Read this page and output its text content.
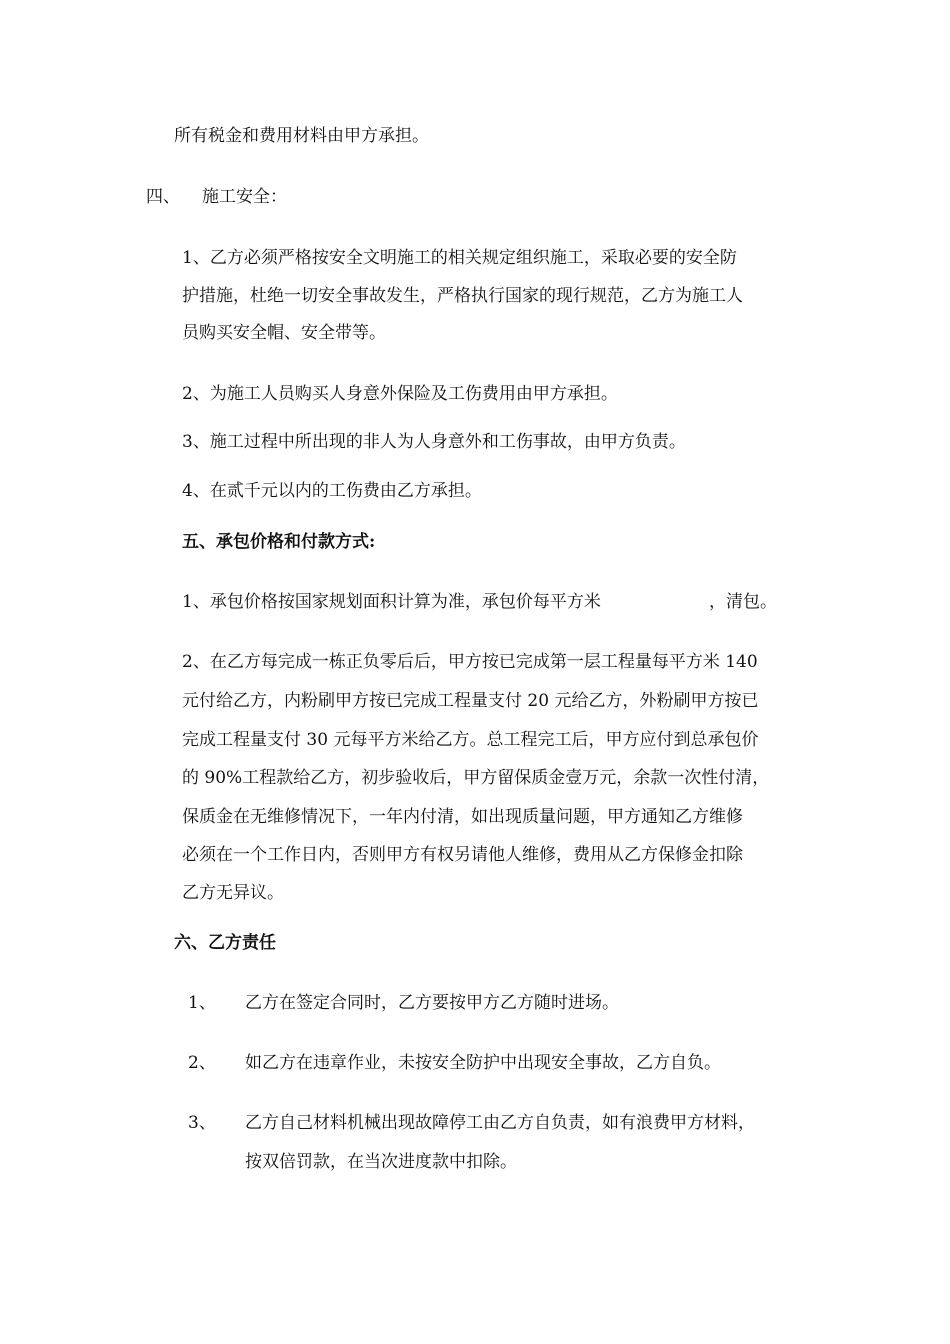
所有税金和费用材料由甲方承担。
四、 施工安全：
1、乙方必须严格按安全文明施工的相关规定组织施工，采取必要的安全防
护措施，杜绝一切安全事故发生，严格执行国家的现行规范，乙方为施工人
员购买安全帽、安全带等。
2、为施工人员购买人身意外保险及工伤费用由甲方承担。
3、施工过程中所出现的非人为人身意外和工伤事故，由甲方负责。
4、在贰千元以内的工伤费由乙方承担。
五、承包价格和付款方式:
1、承包价格按国家规划面积计算为准，承包价每平方米	，清包。
2、在乙方每完成一栋正负零后后，甲方按已完成第一层工程量每平方米 140
元付给乙方，内粉刷甲方按已完成工程量支付 20 元给乙方，外粉刷甲方按已
完成工程量支付 30 元每平方米给乙方。总工程完工后，甲方应付到总承包价
的 90%工程款给乙方，初步验收后，甲方留保质金壹万元，余款一次性付清，
保质金在无维修情况下，一年内付清，如出现质量问题，甲方通知乙方维修
必须在一个工作日内，否则甲方有权另请他人维修，费用从乙方保修金扣除
乙方无异议。
六、乙方责任
1、 乙方在签定合同时，乙方要按甲方乙方随时进场。
2、 如乙方在违章作业，未按安全防护中出现安全事故，乙方自负。
3、 乙方自己材料机械出现故障停工由乙方自负责，如有浪费甲方材料，
按双倍罚款，在当次进度款中扣除。
